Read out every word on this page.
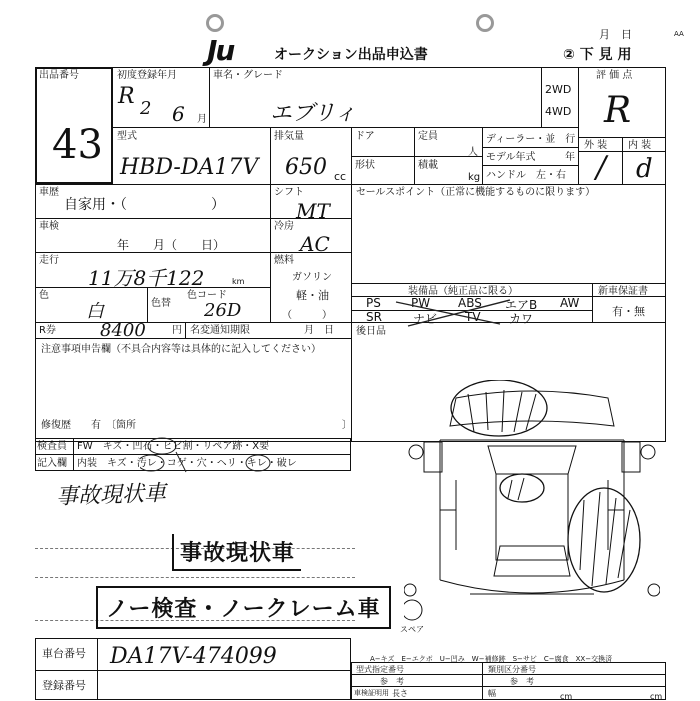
Ju	オークション出品申込書
月　日	AA
② 下 見 用
出品番号
43
初度登録年月
R 2 6 月
車名・グレード
エブリィ
2WD
4WD
評 価 点
R
型式
HBD-DA17V
排気量
650 cc
ドア	定員
人
形状	積載
kg
ディーラー・並　行
モデル年式	年
ハンドル　左・右
外 装 内 装
/ d
車歴
自家用・（　　　　　　）
シフト
MT
車検
年　　月（　　日）
冷房
AC
走行
11万8千122	km
燃料
ガソリン
軽・油
（　　　）
色
白	色替
色コード
26D
R券 8400	円 名変通知期限	月　日
注意事項申告欄（不具合内容等は具体的に記入してください）
修復歴　　有　〔箇所	〕
セールスポイント（正常に機能するものに限ります）
装備品（純正品に限る）	新車保証書
有・無
PS	PW ABS エアB AW
SR	ナビ TV カワ
後日品
検査員
記入欄
FW　キズ・凹石・ヒビ割・リペア跡・X要
内装　キズ・汚レ・コゲ・穴・ヘリ・キレ・破レ
事故現状車
事故現状車
ノー検査・ノークレーム車
スペア
A−キズ　E−エクボ　U−凹み　W−補修跡　S−サビ　C−腐食　XX−交換済
車台番号 DA17V-474099
登録番号
型式指定番号	類別区分番号
参　考	参　考
車検証明用 長さ	幅	cm	cm
